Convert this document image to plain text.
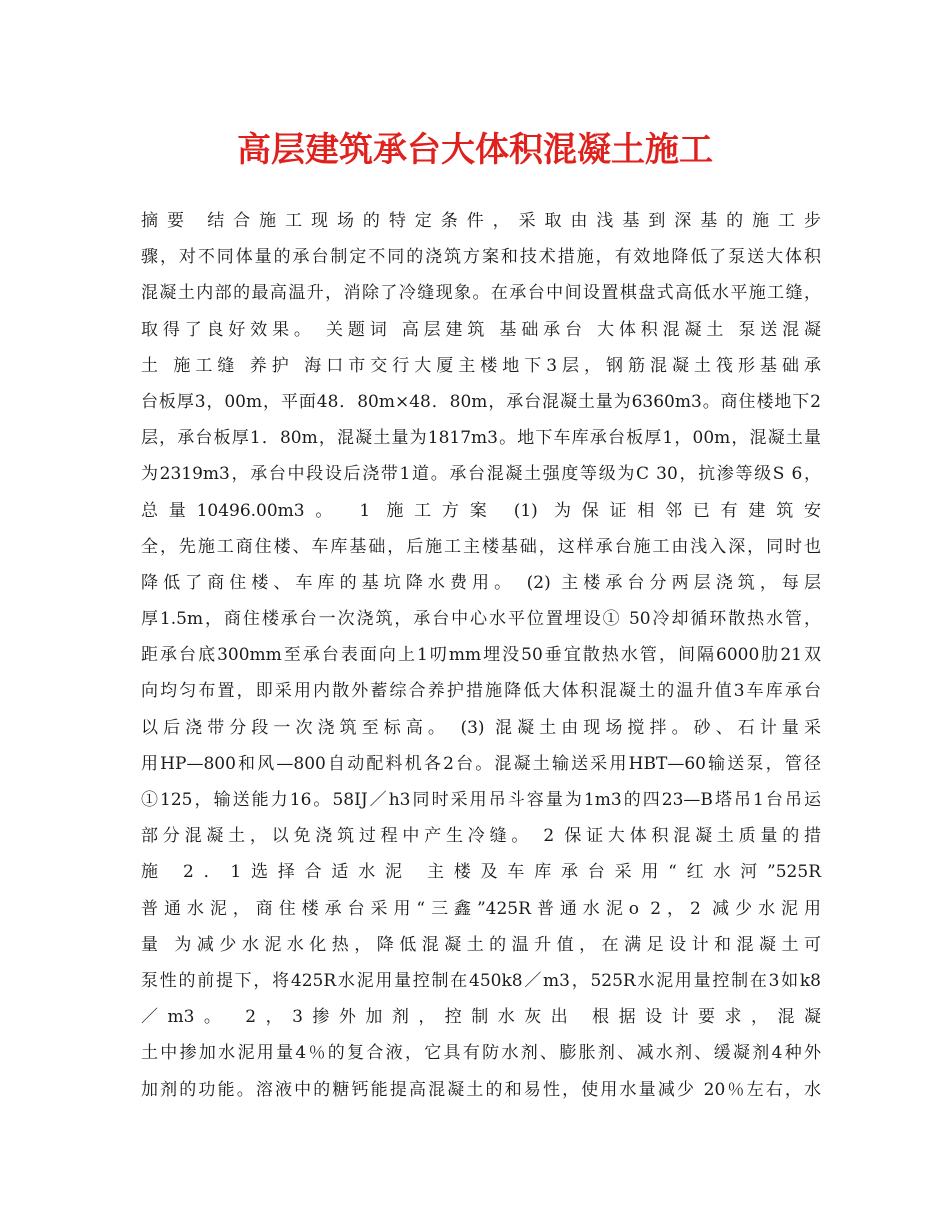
高层建筑承台大体积混凝土施工
摘要 结合施工现场的特定条件，采取由浅基到深基的施工步
骤，对不同体量的承台制定不同的浇筑方案和技术措施，有效地降低了泵送大体积
混凝土内部的最高温升，消除了冷缝现象。在承台中间设置棋盘式高低水平施工缝，
取得了良好效果。 关题词 高层建筑 基础承台 大体积混凝土 泵送混凝
土 施工缝 养护 海口市交行大厦主楼地下3层，钢筋混凝土筏形基础承
台板厚3，00m，平面48．80m×48．80m，承台混凝土量为6360m3。商住楼地下2
层，承台板厚1．80m，混凝土量为1817m3。地下车库承台板厚1，00m，混凝土量
为2319m3，承台中段设后浇带1道。承台混凝土强度等级为C 30，抗渗等级S 6，
总量10496.00m3。 1 施工方案 (1) 为保证相邻已有建筑安
全，先施工商住楼、车库基础，后施工主楼基础，这样承台施工由浅入深，同时也
降低了商住楼、车库的基坑降水费用。 (2) 主楼承台分两层浇筑，每层
厚1.5m，商住楼承台一次浇筑，承台中心水平位置埋设① 50冷却循环散热水管，
距承台底300mm至承台表面向上1叨mm埋没50垂宜散热水管，间隔6000肋21双
向均匀布置，即采用内散外蓄综合养护措施降低大体积混凝土的温升值3车库承台
以后浇带分段一次浇筑至标高。 (3) 混凝土由现场搅拌。砂、石计量采
用HP—800和风—800自动配料机各2台。混凝土输送采用HBT—60输送泵，管径
①125，输送能力16。58IJ／h3同时采用吊斗容量为1m3的四23—B塔吊1台吊运
部分混凝土，以免浇筑过程中产生冷缝。 2 保证大体积混凝土质量的措
施 2．1选择合适水泥 主楼及车库承台采用“红水河”525R
普通水泥，商住楼承台采用“三鑫”425R普通水泥o 2，2 减少水泥用
量 为减少水泥水化热，降低混凝土的温升值，在满足设计和混凝土可
泵性的前提下，将425R水泥用量控制在450k8／m3，525R水泥用量控制在3如k8
／m3。 2，3掺外加剂，控制水灰出 根据设计要求，混凝
土中掺加水泥用量4％的复合液，它具有防水剂、膨胀剂、减水剂、缓凝剂4种外
加剂的功能。溶液中的糖钙能提高混凝土的和易性，使用水量减少 20％左右，水
